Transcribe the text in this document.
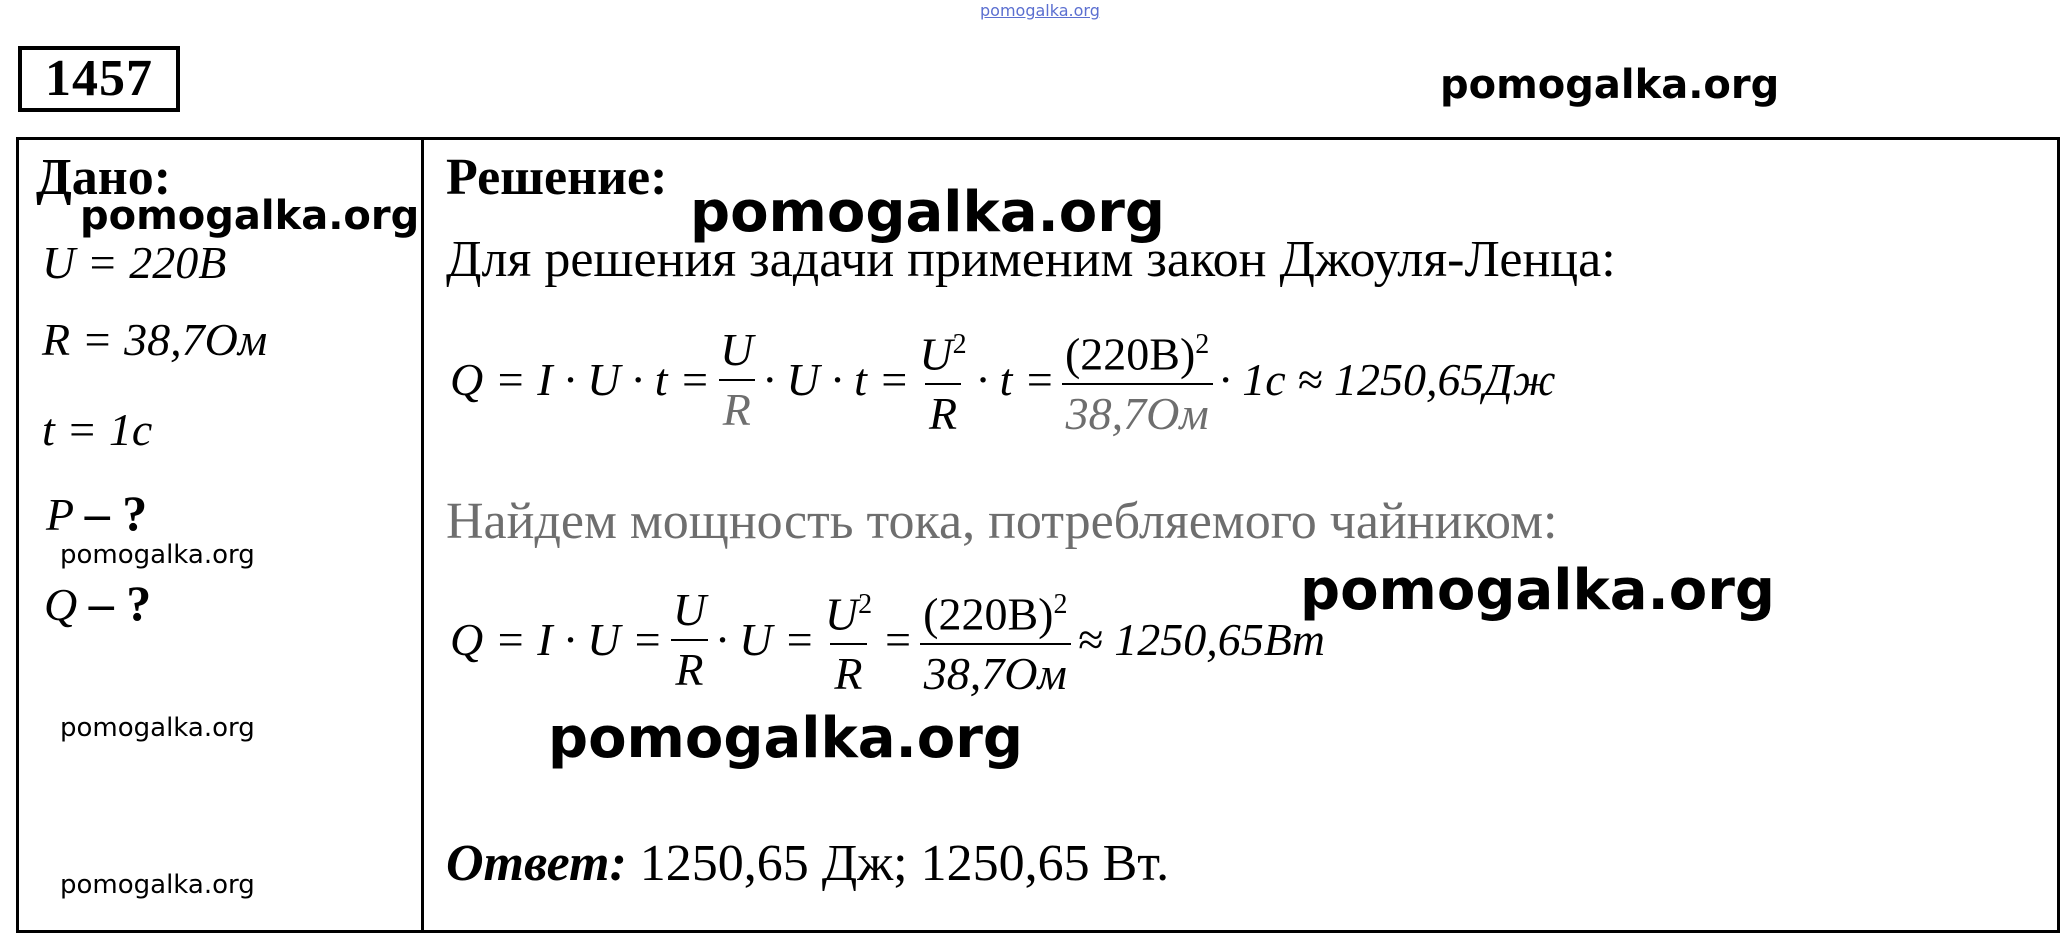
pomogalka.org
1457	pomogalka.org
Дано:
pomogalka.org
U = 220B
R = 38,7Ом
t = 1c
P – ?
pomogalka.org
Q – ?
pomogalka.org
pomogalka.org
Решение:
pomogalka.org
Для решения задачи применим закон Джоуля-Ленца:
$Q = I \cdot U \cdot t = \frac{U}{R} \cdot U \cdot t = \frac{U^2}{R} \cdot t = \frac{(220B)^2}{38,7Ом} \cdot 1c \approx 1250,65Дж$
Найдем мощность тока, потребляемого чайником:
pomogalka.org
$Q = I \cdot U = \frac{U}{R} \cdot U = \frac{U^2}{R} = \frac{(220B)^2}{38,7Ом} \approx 1250,65Bт$
pomogalka.org
Ответ: 1250,65 Дж; 1250,65 Вт.
